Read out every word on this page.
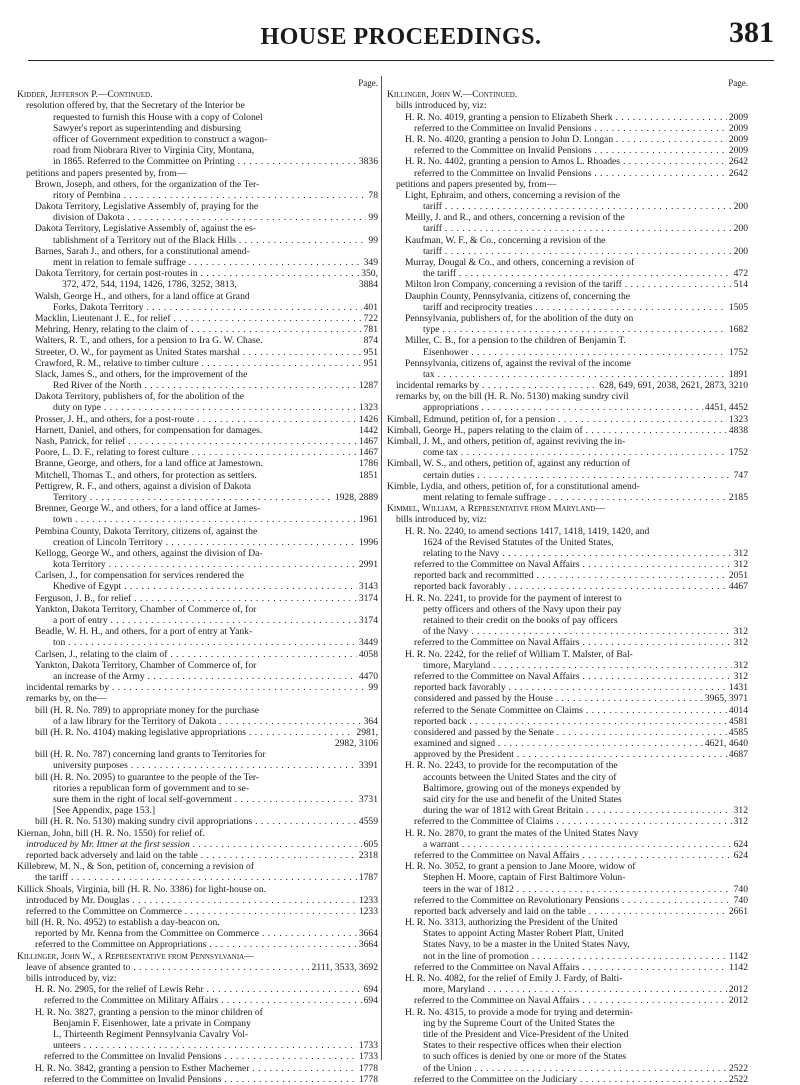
HOUSE PROCEEDINGS.	381
Page.
Kidder, Jefferson P.—Continued.
resolution offered by, that the Secretary of the Interior be
requested to furnish this House with a copy of Colonel
Sawyer's report as superintending and disbursing
officer of Government expedition to construct a wagon-
road from Niobrara River to Virginia City, Montana,
in 1865. Referred to the Committee on Printing . . .	3836
petitions and papers presented by, from—
Brown, Joseph, and others, for the organization of the Ter-
ritory of Pembina . . .	78
Dakota Territory, Legislative Assembly of, praying for the
division of Dakota . . .	99
Dakota Territory, Legislative Assembly of, against the es-
tablishment of a Territory out of the Black Hills . . .	99
Barnes, Sarah J., and others, for a constitutional amend-
ment in relation to female suffrage . . .	349
Dakota Territory, for certain post-routes in . . .	350,
372, 472, 544, 1194, 1426, 1786, 3252, 3813,	3884
Walsh, George H., and others, for a land office at Grand
Forks, Dakota Territory . . .	401
Macklin, Lieutenant J. E., for relief . . .	722
Mehring, Henry, relating to the claim of . . .	781
Walters, R. T., and others, for a pension to Ira G. W. Chase.	874
Streeter, O. W., for payment as United States marshal . . .	951
Crawford, R. M., relative to timber culture . . .	951
Slack, James S., and others, for the improvement of the
Red River of the North . . .	1287
Dakota Territory, publishers of, for the abolition of the
duty on type . . .	1323
Prosser, J. H., and others, for a post-route . . .	1426
Harnett, Daniel, and others, for compensation for damages.	1442
Nash, Patrick, for relief . . .	1467
Poore, L. D. F., relating to forest culture . . .	1467
Branne, George, and others, for a land office at Jamestown.	1786
Mitchell, Thomas T., and others, for protection as settlers.	1851
Pettigrew, R. F., and others, against a division of Dakota
Territory . . .	1928, 2889
Brenner, George W., and others, for a land office at James-
town . . .	1961
Pembina County, Dakota Territory, citizens of, against the
creation of Lincoln Territory . . .	1996
Kellogg, George W., and others, against the division of Da-
kota Territory . . .	2991
Carlsen, J., for compensation for services rendered the
Khedive of Egypt . . .	3143
Ferguson, J. B., for relief . . .	3174
Yankton, Dakota Territory, Chamber of Commerce of, for
a port of entry . . .	3174
Beadle, W. H. H., and others, for a port of entry at Yank-
ton . . .	3449
Carlsen, J., relating to the claim of . . .	4058
Yankton, Dakota Territory, Chamber of Commerce of, for
an increase of the Army . . .	4470
incidental remarks by . . .	99
remarks by, on the—
bill (H. R. No. 789) to appropriate money for the purchase
of a law library for the Territory of Dakota . . .	364
bill (H. R. No. 4104) making legislative appropriations . . .	2981,
2982, 3106
bill (H. R. No. 787) concerning land grants to Territories for
university purposes . . .	3391
bill (H. R. No. 2095) to guarantee to the people of the Ter-
ritories a republican form of government and to se-
sure them in the right of local self-government . . .	3731
[See Appendix, page 153.]
bill (H. R. No. 5130) making sundry civil appropriations . . .	4559
Kiernan, John, bill (H. R. No. 1550) for relief of.
introduced by Mr. Ittner at the first session . . .	605
reported back adversely and laid on the table . . .	2318
Killebrew, M. N., & Son, petition of, concerning a revision of
the tariff . . .	1787
Killick Shoals, Virginia, bill (H. R. No. 3386) for light-house on.
introduced by Mr. Douglas . . .	1233
referred to the Committee on Commerce . . .	1233
bill (H. R. No. 4952) to establish a day-beacon on.
reported by Mr. Kenna from the Committee on Commerce . . .	3664
referred to the Committee on Appropriations . . .	3664
Killinger, John W., a Representative from Pennsylvania—
leave of absence granted to . . .	2111, 3533, 3692
bills introduced by, viz:
H. R. No. 2905, for the relief of Lewis Rehr . . .	694
referred to the Committee on Military Affairs . . .	694
H. R. No. 3827, granting a pension to the minor children of
Benjamin F. Eisenhower, late a private in Company
L, Thirteenth Regiment Pennsylvania Cavalry Vol-
unteers . . .	1733
referred to the Committee on Invalid Pensions . . .	1733
H. R. No. 3842, granting a pension to Esther Machemer . . .	1778
referred to the Committee on Invalid Pensions . . .	1778
Page.
Killinger, John W.—Continued.
bills introduced by, viz:
H. R. No. 4019, granting a pension to Elizabeth Sherk . . .	2009
referred to the Committee on Invalid Pensions . . .	2009
H. R. No. 4020, granting a pension to John D. Longan . . .	2009
referred to the Committee on Invalid Pensions . . .	2009
H. R. No. 4402, granting a pension to Amos L. Rhoades . . .	2642
referred to the Committee on Invalid Pensions . . .	2642
petitions and papers presented by, from—
Light, Ephraim, and others, concerning a revision of the
tariff . . .	200
Meilly, J. and R., and others, concerning a revision of the
tariff . . .	200
Kaufman, W. F., & Co., concerning a revision of the
tariff . . .	200
Murray, Dougal & Co., and others, concerning a revision of
the tariff . . .	472
Milton Iron Company, concerning a revision of the tariff . . .	514
Dauphin County, Pennsylvania, citizens of, concerning the
tariff and reciprocity treaties . . .	1505
Pennsylvania, publishers of, for the abolition of the duty on
type . . .	1682
Miller, C. B., for a pension to the children of Benjamin T.
Eisenhower . . .	1752
Pennsylvania, citizens of, against the revival of the income
tax . . .	1891
incidental remarks by . . .	628, 649, 691, 2038, 2621, 2873, 3210
remarks by, on the bill (H. R. No. 5130) making sundry civil
appropriations . . .	4451, 4452
Kimball, Edmund, petition of, for a pension . . .	1323
Kimball, George H., papers relating to the claim of . . .	4838
Kimball, J. M., and others, petition of, against reviving the in-
come tax . . .	1752
Kimball, W. S., and others, petition of, against any reduction of
certain duties . . .	747
Kimble, Lydia, and others, petition of, for a constitutional amend-
ment relating to female suffrage . . .	2185
Kimmel, William, a Representative from Maryland—
bills introduced by, viz:
H. R. No. 2240, to amend sections 1417, 1418, 1419, 1420, and
1624 of the Revised Statutes of the United States,
relating to the Navy . . .	312
referred to the Committee on Naval Affairs . . .	312
reported back and recommitted . . .	2051
reported back favorably . . .	4467
H. R. No. 2241, to provide for the payment of interest to
petty officers and others of the Navy upon their pay
retained to their credit on the books of pay officers
of the Navy . . .	312
referred to the Committee on Naval Affairs . . .	312
H. R. No. 2242, for the relief of William T. Malster, of Bal-
timore, Maryland . . .	312
referred to the Committee on Naval Affairs . . .	312
reported back favorably . . .	1431
considered and passed by the House . . .	3965, 3971
referred to the Senate Committee on Claims . . .	4014
reported back . . .	4581
considered and passed by the Senate . . .	4585
examined and signed . . .	4621, 4640
approved by the President . . .	4687
H. R. No. 2243, to provide for the recomputation of the
accounts between the United States and the city of
Baltimore, growing out of the moneys expended by
said city for the use and benefit of the United States
during the war of 1812 with Great Britain . . .	312
referred to the Committee of Claims . . .	312
H. R. No. 2870, to grant the mates of the United States Navy
a warrant . . .	624
referred to the Committee on Naval Affairs . . .	624
H. R. No. 3052, to grant a pension to Jane Moore, widow of
Stephen H. Moore, captain of First Baltimore Volun-
teers in the war of 1812 . . .	740
referred to the Committee on Revolutionary Pensions . . .	740
reported back adversely and laid on the table . . .	2661
H. R. No. 3313, authorizing the President of the United
States to appoint Acting Master Robert Platt, United
States Navy, to be a master in the United States Navy,
not in the line of promotion . . .	1142
referred to the Committee on Naval Affairs . . .	1142
H. R. No. 4082, for the relief of Emily J. Fardy, of Balti-
more, Maryland . . .	2012
referred to the Committee on Naval Affairs . . .	2012
H. R. No. 4315, to provide a mode for trying and determin-
ing by the Supreme Court of the United States the
title of the President and Vice-President of the United
States to their respective offices when their election
to such offices is denied by one or more of the States
of the Union . . .	2522
referred to the Committee on the Judiciary . . .	2522
